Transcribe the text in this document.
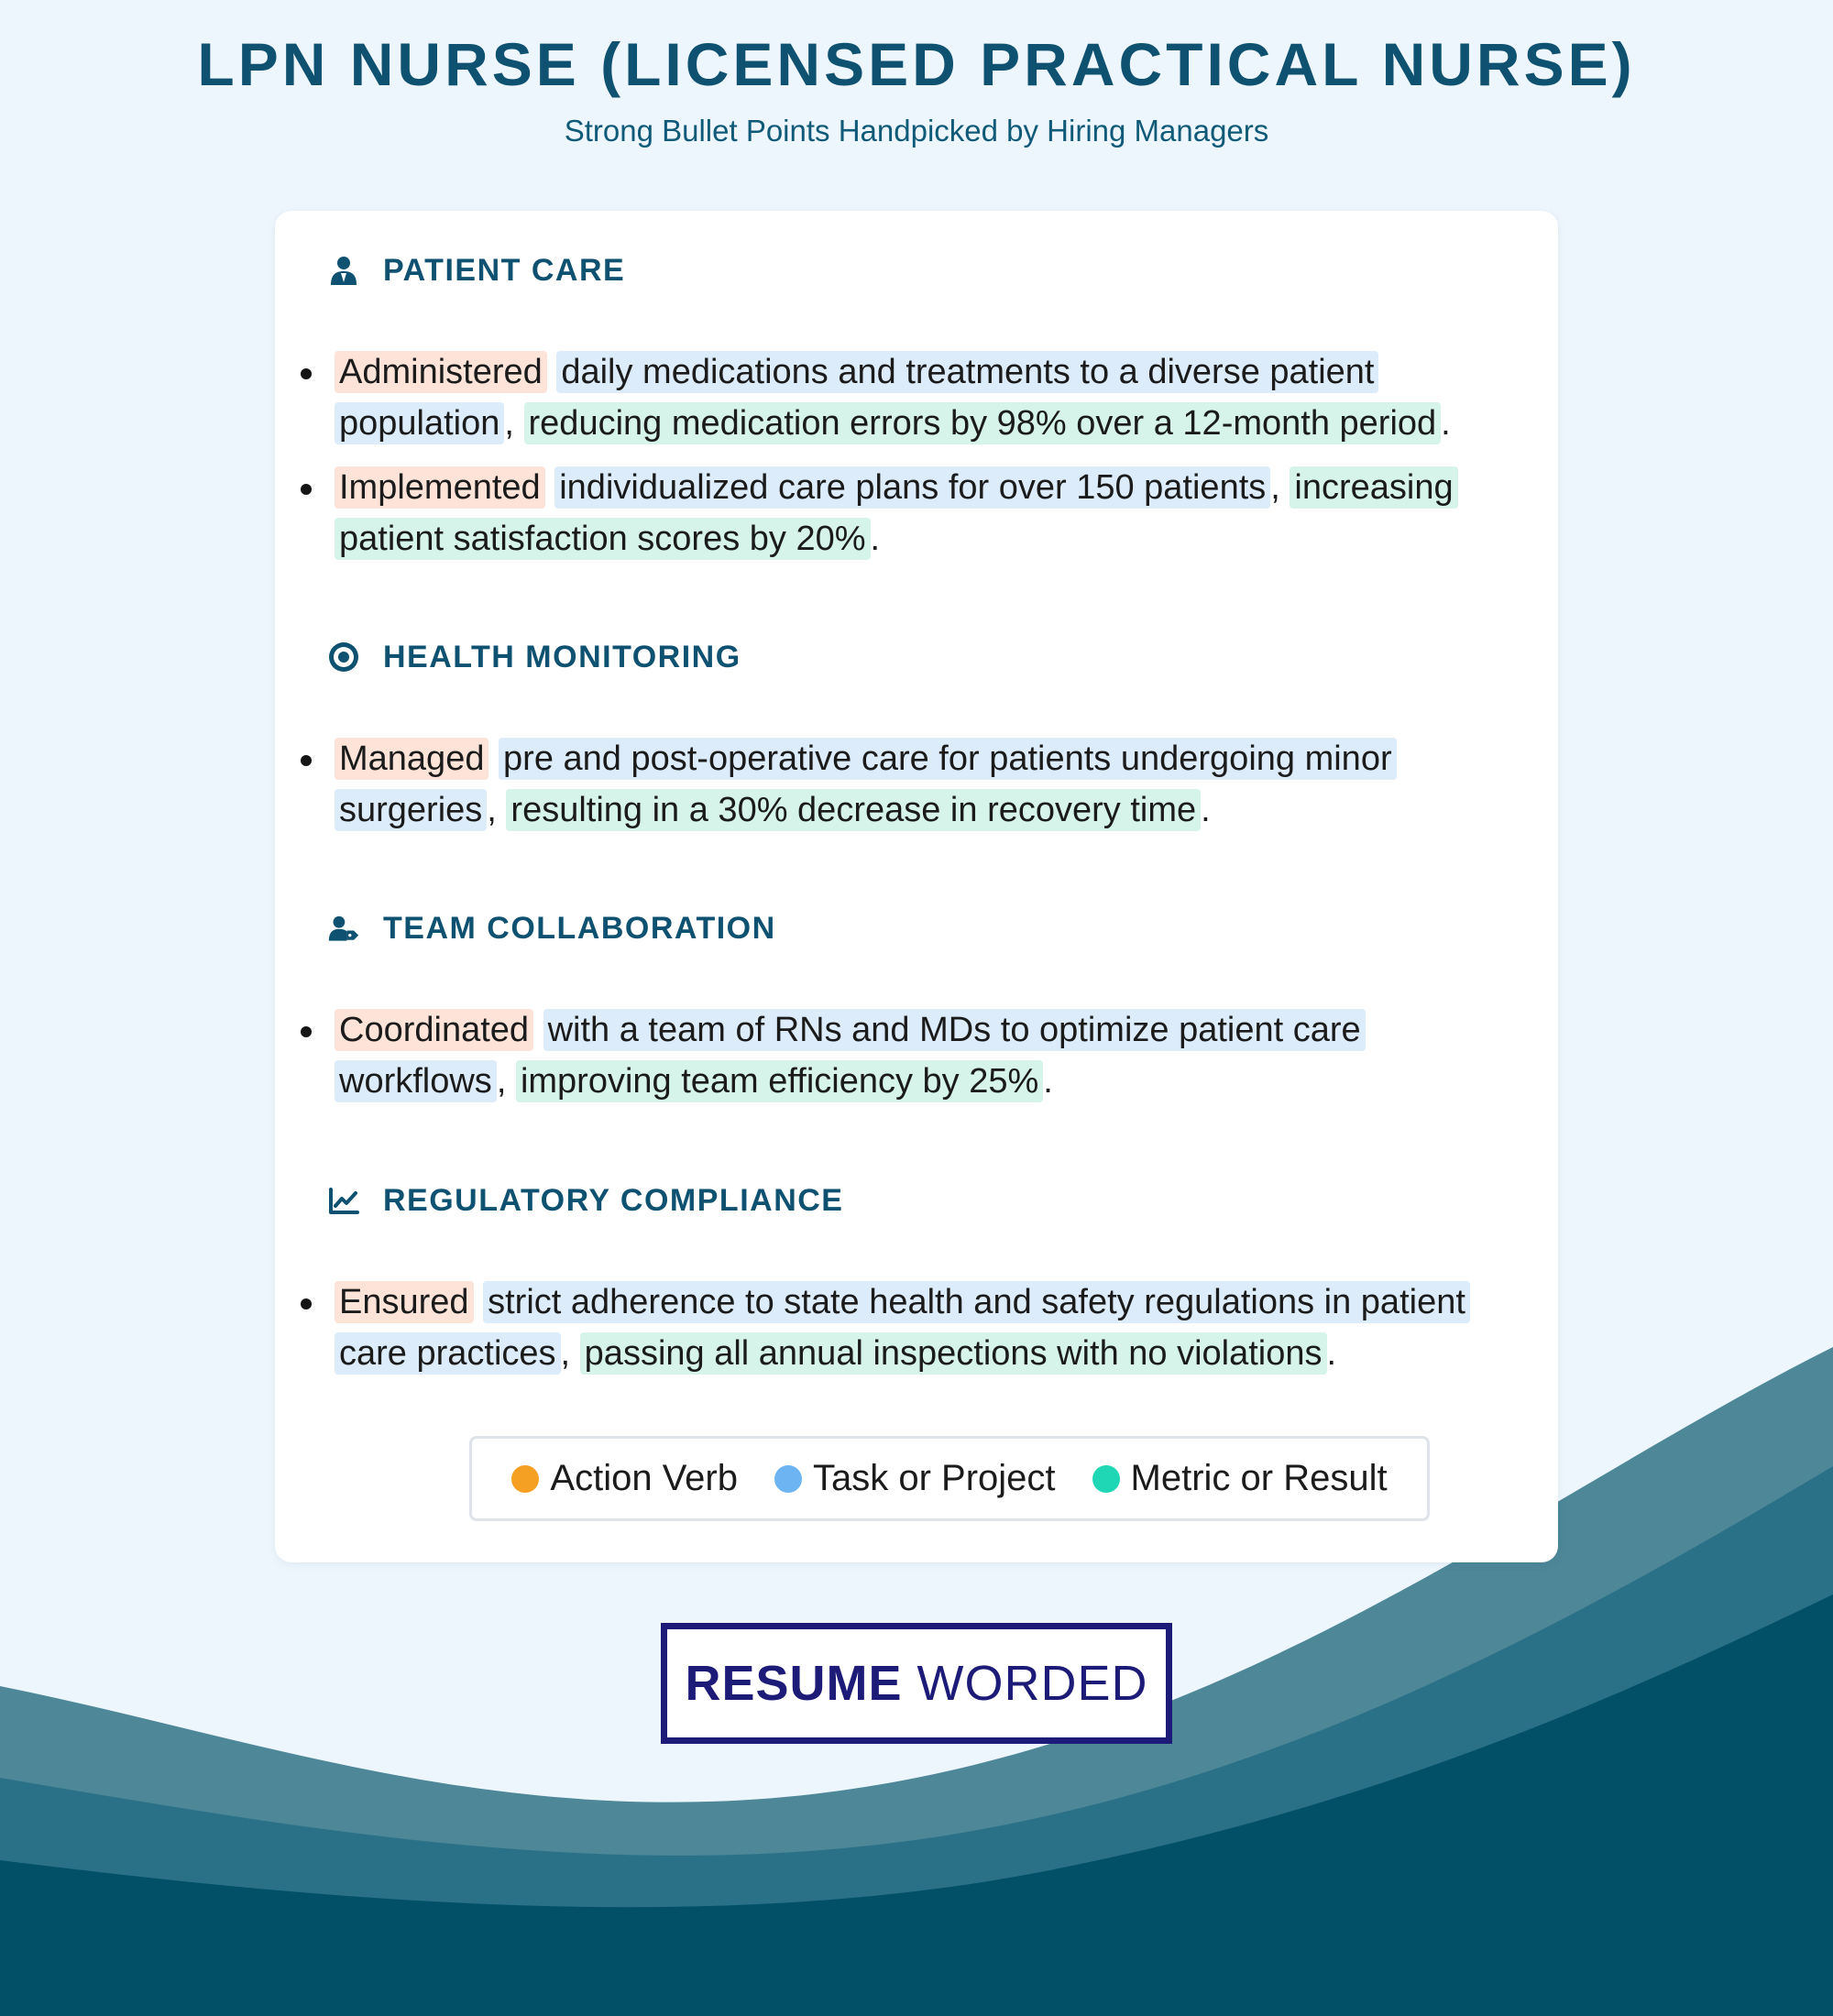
LPN NURSE (LICENSED PRACTICAL NURSE)

Strong Bullet Points Handpicked by Hiring Managers

PATIENT CARE
Administered daily medications and treatments to a diverse patient population , reducing medication errors by 98% over a 12-month period .
Implemented individualized care plans for over 150 patients , increasing patient satisfaction scores by 20% .
HEALTH MONITORING
Managed pre and post-operative care for patients undergoing minor surgeries , resulting in a 30% decrease in recovery time .
TEAM COLLABORATION
Coordinated with a team of RNs and MDs to optimize patient care workflows , improving team efficiency by 25% .
REGULATORY COMPLIANCE
Ensured strict adherence to state health and safety regulations in patient care practices , passing all annual inspections with no violations .
Action Verb Task or Project Metric or Result
RESUME WORDED
